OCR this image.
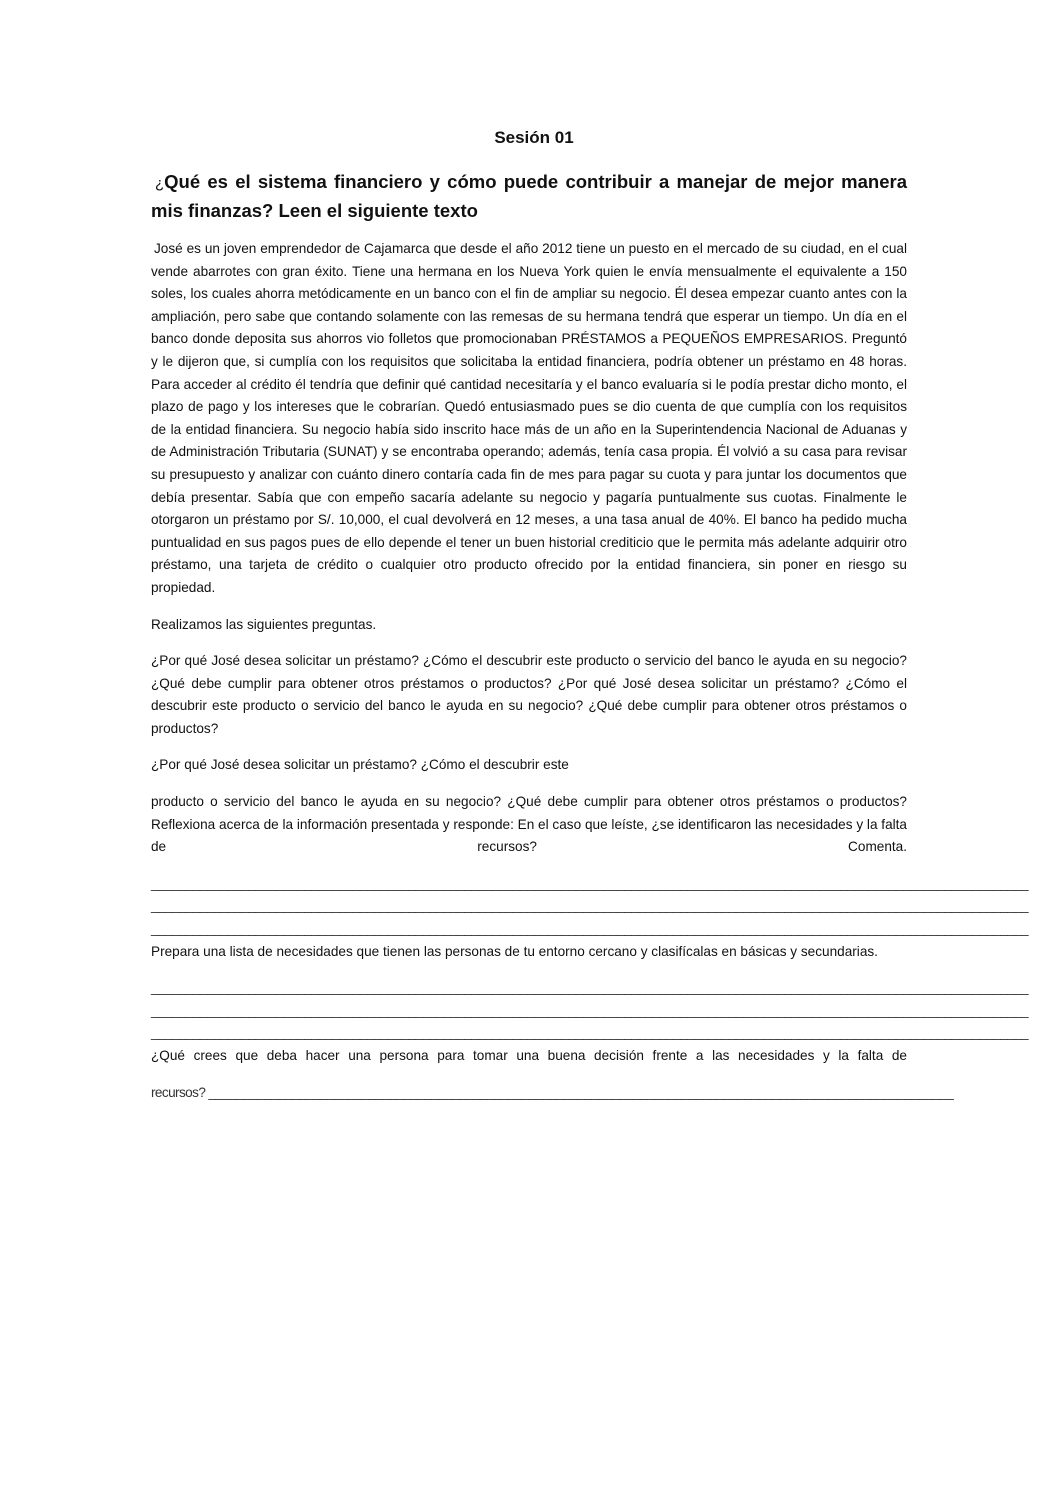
Sesión 01
¿Qué es el sistema financiero y cómo puede contribuir a manejar de mejor manera mis finanzas? Leen el siguiente texto

José es un joven emprendedor de Cajamarca que desde el año 2012 tiene un puesto en el mercado de su ciudad, en el cual vende abarrotes con gran éxito. Tiene una hermana en los Nueva York quien le envía mensualmente el equivalente a 150 soles, los cuales ahorra metódicamente en un banco con el fin de ampliar su negocio. Él desea empezar cuanto antes con la ampliación, pero sabe que contando solamente con las remesas de su hermana tendrá que esperar un tiempo. Un día en el banco donde deposita sus ahorros vio folletos que promocionaban PRÉSTAMOS a PEQUEÑOS EMPRESARIOS. Preguntó y le dijeron que, si cumplía con los requisitos que solicitaba la entidad financiera, podría obtener un préstamo en 48 horas. Para acceder al crédito él tendría que definir qué cantidad necesitaría y el banco evaluaría si le podía prestar dicho monto, el plazo de pago y los intereses que le cobrarían. Quedó entusiasmado pues se dio cuenta de que cumplía con los requisitos de la entidad financiera. Su negocio había sido inscrito hace más de un año en la Superintendencia Nacional de Aduanas y de Administración Tributaria (SUNAT) y se encontraba operando; además, tenía casa propia. Él volvió a su casa para revisar su presupuesto y analizar con cuánto dinero contaría cada fin de mes para pagar su cuota y para juntar los documentos que debía presentar. Sabía que con empeño sacaría adelante su negocio y pagaría puntualmente sus cuotas. Finalmente le otorgaron un préstamo por S/. 10,000, el cual devolverá en 12 meses, a una tasa anual de 40%. El banco ha pedido mucha puntualidad en sus pagos pues de ello depende el tener un buen historial crediticio que le permita más adelante adquirir otro préstamo, una tarjeta de crédito o cualquier otro producto ofrecido por la entidad financiera, sin poner en riesgo su propiedad.

Realizamos las siguientes preguntas.

¿Por qué José desea solicitar un préstamo? ¿Cómo el descubrir este producto o servicio del banco le ayuda en su negocio? ¿Qué debe cumplir para obtener otros préstamos o productos? ¿Por qué José desea solicitar un préstamo? ¿Cómo el descubrir este producto o servicio del banco le ayuda en su negocio? ¿Qué debe cumplir para obtener otros préstamos o productos?

¿Por qué José desea solicitar un préstamo? ¿Cómo el descubrir este

producto o servicio del banco le ayuda en su negocio? ¿Qué debe cumplir para obtener otros préstamos o productos? Reflexiona acerca de la información presentada y responde: En el caso que leíste, ¿se identificaron las necesidades y la falta de recursos? Comenta.

______________________________________________________________________________________________________________________________
______________________________________________________________________________________________________________________________
______________________________________________________________________________________________________________________________

Prepara una lista de necesidades que tienen las personas de tu entorno cercano y clasifícalas en básicas y secundarias.

______________________________________________________________________________________________________________________________
______________________________________________________________________________________________________________________________
______________________________________________________________________________________________________________________________

¿Qué crees que deba hacer una persona para tomar una buena decisión frente a las necesidades y la falta de

recursos? ___________________________________________________________________________________________________________
